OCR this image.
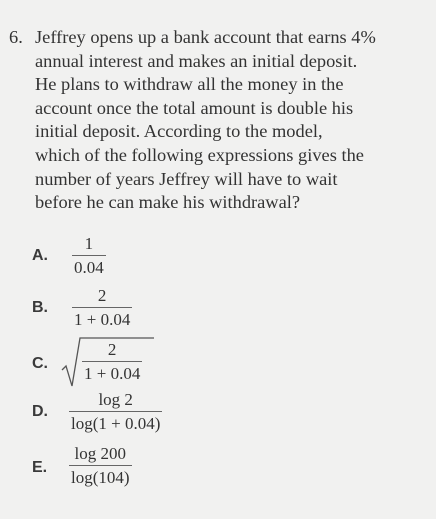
6. Jeffrey opens up a bank account that earns 4%
annual interest and makes an initial deposit.
He plans to withdraw all the money in the
account once the total amount is double his
initial deposit. According to the model,
which of the following expressions gives the
number of years Jeffrey will have to wait
before he can make his withdrawal?
A.
1
0.04
B.
2
1 + 0.04
C.
2
1 + 0.04
D.
log 2
log(1 + 0.04)
E.
log 200
log(104)
